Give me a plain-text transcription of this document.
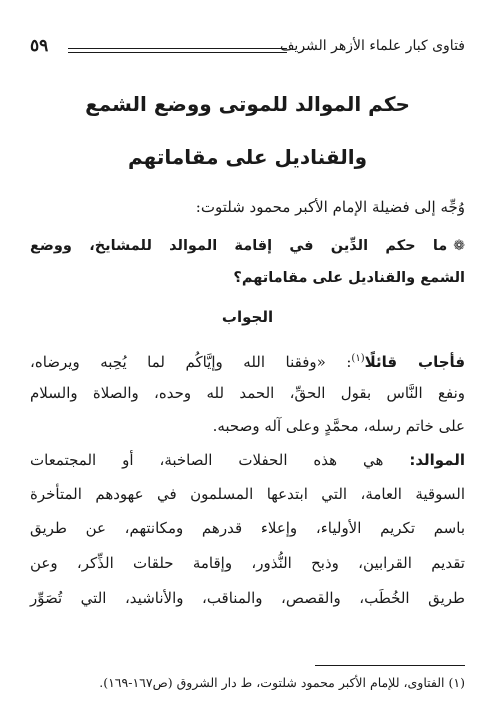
فتاوى كبار علماء الأزهر الشريف
٥٩
حكم الموالد للموتى ووضع الشمع
والقناديل على مقاماتهم
وُجِّه إلى فضيلة الإمام الأكبر محمود شلتوت:
❁ما حكم الدِّين في إقامة الموالد للمشايخ، ووضع
الشمع والقناديل على مقاماتهم؟
الجواب
فأجاب قائلًا$^{(١)}$: «وفقنا الله وإيَّاكُم لما يُحِبه ويرضاه،
ونفع النَّاس بقول الحقِّ، الحمد لله وحده، والصلاة والسلام
على خاتم رسله، محمَّدٍ وعلى آله وصحبه.
الموالد: هي هذه الحفلات الصاخبة، أو المجتمعات
السوقية العامة، التي ابتدعها المسلمون في عهودهم المتأخرة
باسم تكريم الأولياء، وإعلاء قدرهم ومكانتهم، عن طريق
تقديم القرابين، وذبح النُّذور، وإقامة حلقات الذِّكر، وعن
طريق الخُطَب، والقصص، والمناقب، والأناشيد، التي تُصَوِّر
(١) الفتاوى، للإمام الأكبر محمود شلتوت، ط دار الشروق (ص١٦٧-١٦٩).
